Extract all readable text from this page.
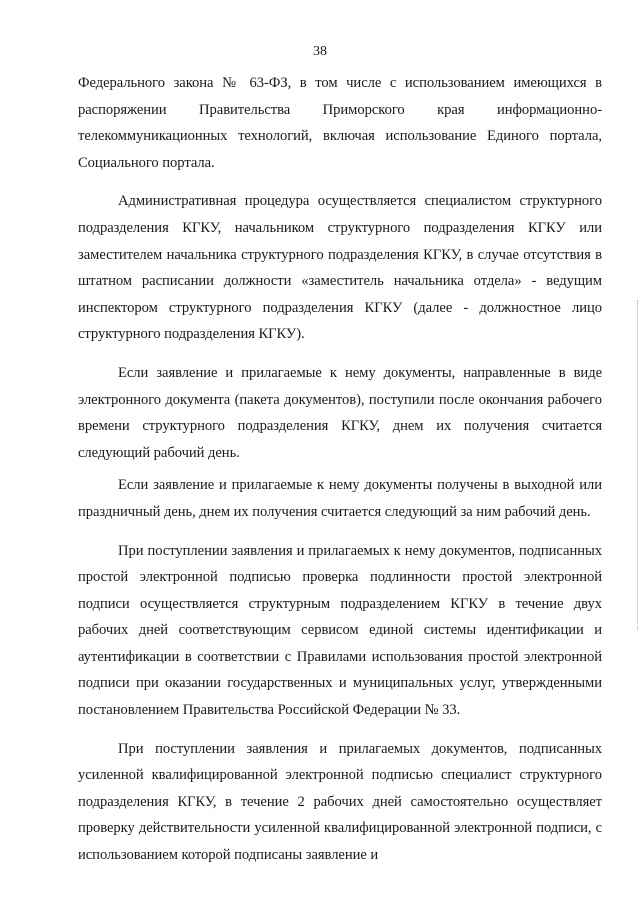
38

Федерального закона № 63-ФЗ, в том числе с использованием имеющихся в распоряжении Правительства Приморского края информационно-телекоммуникационных технологий, включая использование Единого портала, Социального портала.

Административная процедура осуществляется специалистом структурного подразделения КГКУ, начальником структурного подразделения КГКУ или заместителем начальника структурного подразделения КГКУ, в случае отсутствия в штатном расписании должности «заместитель начальника отдела» - ведущим инспектором структурного подразделения КГКУ (далее - должностное лицо структурного подразделения КГКУ).

Если заявление и прилагаемые к нему документы, направленные в виде электронного документа (пакета документов), поступили после окончания рабочего времени структурного подразделения КГКУ, днем их получения считается следующий рабочий день.

Если заявление и прилагаемые к нему документы получены в выходной или праздничный день, днем их получения считается следующий за ним рабочий день.

При поступлении заявления и прилагаемых к нему документов, подписанных простой электронной подписью проверка подлинности простой электронной подписи осуществляется структурным подразделением КГКУ в течение двух рабочих дней соответствующим сервисом единой системы идентификации и аутентификации в соответствии с Правилами использования простой электронной подписи при оказании государственных и муниципальных услуг, утвержденными постановлением Правительства Российской Федерации № 33.

При поступлении заявления и прилагаемых документов, подписанных усиленной квалифицированной электронной подписью специалист структурного подразделения КГКУ, в течение 2 рабочих дней самостоятельно осуществляет проверку действительности усиленной квалифицированной электронной подписи, с использованием которой подписаны заявление и
